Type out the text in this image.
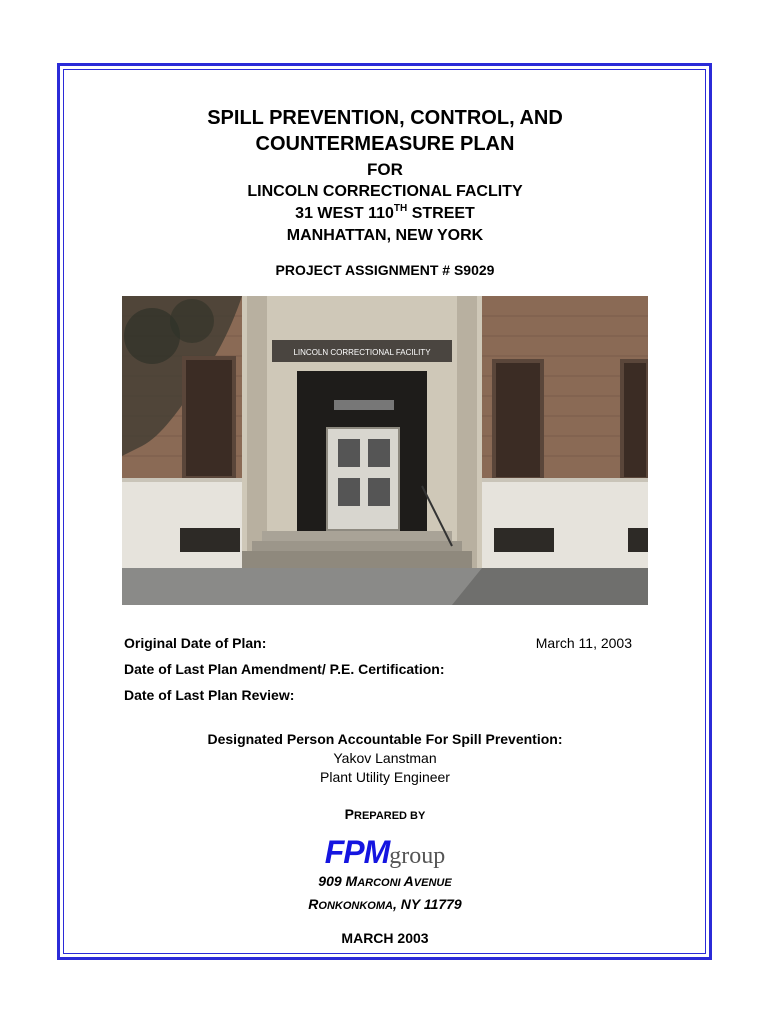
SPILL PREVENTION, CONTROL, AND
COUNTERMEASURE PLAN
FOR
LINCOLN CORRECTIONAL FACLITY
31 WEST 110TH STREET
MANHATTAN, NEW YORK
PROJECT ASSIGNMENT # S9029
LINCOLN CORRECTIONAL FACILITY
Original Date of Plan:	March 11, 2003
Date of Last Plan Amendment/ P.E. Certification:
Date of Last Plan Review:
Designated Person Accountable For Spill Prevention:
Yakov Lanstman
Plant Utility Engineer
PREPARED BY
FPMgroup
909 MARCONI AVENUE
RONKONKOMA, NY 11779
MARCH 2003
